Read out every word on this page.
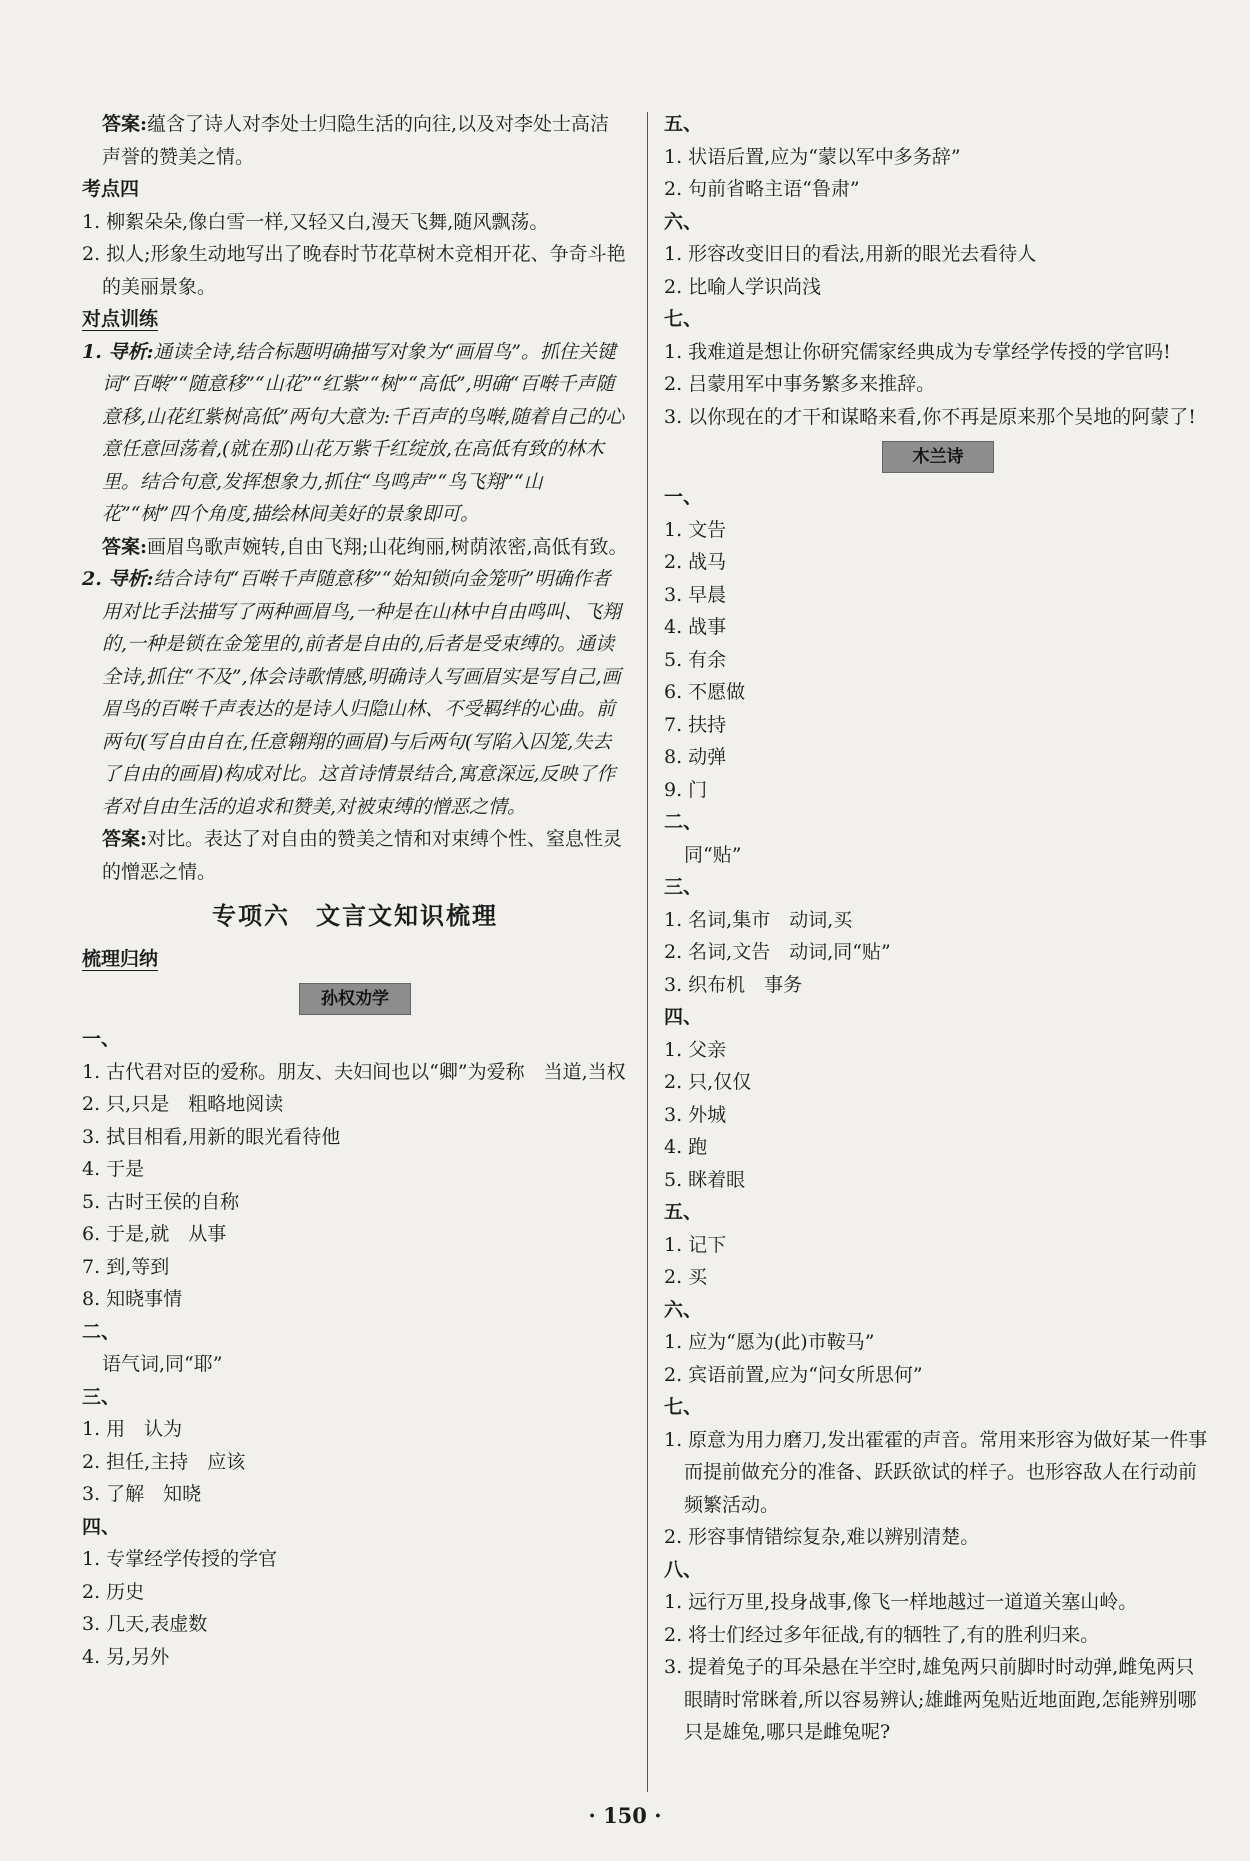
答案:蕴含了诗人对李处士归隐生活的向往,以及对李处士高洁声誉的赞美之情。

考点四

1. 柳絮朵朵,像白雪一样,又轻又白,漫天飞舞,随风飘荡。

2. 拟人;形象生动地写出了晚春时节花草树木竞相开花、争奇斗艳的美丽景象。

对点训练

1. 导析:通读全诗,结合标题明确描写对象为“画眉鸟”。抓住关键词“百啭”“随意移”“山花”“红紫”“树”“高低”,明确“百啭千声随意移,山花红紫树高低”两句大意为:千百声的鸟啭,随着自己的心意任意回荡着,(就在那)山花万紫千红绽放,在高低有致的林木里。结合句意,发挥想象力,抓住“鸟鸣声”“鸟飞翔”“山花”“树”四个角度,描绘林间美好的景象即可。

答案:画眉鸟歌声婉转,自由飞翔;山花绚丽,树荫浓密,高低有致。

2. 导析:结合诗句“百啭千声随意移”“始知锁向金笼听”明确作者用对比手法描写了两种画眉鸟,一种是在山林中自由鸣叫、飞翔的,一种是锁在金笼里的,前者是自由的,后者是受束缚的。通读全诗,抓住“不及”,体会诗歌情感,明确诗人写画眉实是写自己,画眉鸟的百啭千声表达的是诗人归隐山林、不受羁绊的心曲。前两句(写自由自在,任意翱翔的画眉)与后两句(写陷入囚笼,失去了自由的画眉)构成对比。这首诗情景结合,寓意深远,反映了作者对自由生活的追求和赞美,对被束缚的憎恶之情。

答案:对比。表达了对自由的赞美之情和对束缚个性、窒息性灵的憎恶之情。

专项六　文言文知识梳理

梳理归纳

孙权劝学

一、

1. 古代君对臣的爱称。朋友、夫妇间也以“卿”为爱称　当道,当权

2. 只,只是　粗略地阅读

3. 拭目相看,用新的眼光看待他

4. 于是

5. 古时王侯的自称

6. 于是,就　从事

7. 到,等到

8. 知晓事情

二、

语气词,同“耶”

三、

1. 用　认为

2. 担任,主持　应该

3. 了解　知晓

四、

1. 专掌经学传授的学官

2. 历史

3. 几天,表虚数

4. 另,另外

五、

1. 状语后置,应为“蒙以军中多务辞”

2. 句前省略主语“鲁肃”

六、

1. 形容改变旧日的看法,用新的眼光去看待人

2. 比喻人学识尚浅

七、

1. 我难道是想让你研究儒家经典成为专掌经学传授的学官吗!

2. 吕蒙用军中事务繁多来推辞。

3. 以你现在的才干和谋略来看,你不再是原来那个吴地的阿蒙了!

木兰诗

一、

1. 文告

2. 战马

3. 早晨

4. 战事

5. 有余

6. 不愿做

7. 扶持

8. 动弹

9. 门

二、

同“贴”

三、

1. 名词,集市　动词,买

2. 名词,文告　动词,同“贴”

3. 织布机　事务

四、

1. 父亲

2. 只,仅仅

3. 外城

4. 跑

5. 眯着眼

五、

1. 记下

2. 买

六、

1. 应为“愿为(此)市鞍马”

2. 宾语前置,应为“问女所思何”

七、

1. 原意为用力磨刀,发出霍霍的声音。常用来形容为做好某一件事而提前做充分的准备、跃跃欲试的样子。也形容敌人在行动前频繁活动。

2. 形容事情错综复杂,难以辨别清楚。

八、

1. 远行万里,投身战事,像飞一样地越过一道道关塞山岭。

2. 将士们经过多年征战,有的牺牲了,有的胜利归来。

3. 提着兔子的耳朵悬在半空时,雄兔两只前脚时时动弹,雌兔两只眼睛时常眯着,所以容易辨认;雄雌两兔贴近地面跑,怎能辨别哪只是雄兔,哪只是雌兔呢?

· 150 ·
